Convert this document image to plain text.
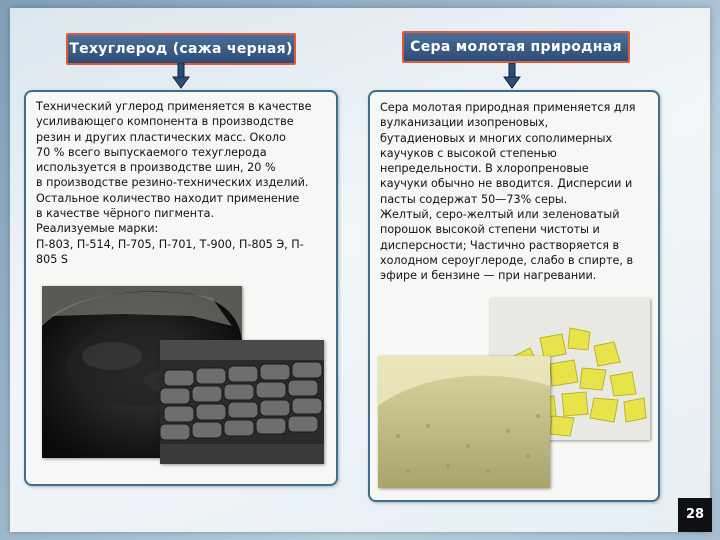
Техуглерод (сажа черная)
Технический углерод применяется в качестве
усиливающего компонента в производстве
резин и других пластических масс. Около
70 % всего выпускаемого техуглерода
используется в производстве шин, 20 %
в производстве резино-технических изделий.
Остальное количество находит применение
в качестве чёрного пигмента.
Реализуемые марки:
П-803, П-514, П-705, П-701, Т-900, П-805 Э, П-
805 S
Сера молотая природная
Сера молотая природная применяется для
вулканизации изопреновых,
бутадиеновых и многих сополимерных
каучуков с высокой степенью
непредельности. В хлоропреновые
каучуки обычно не вводится. Дисперсии и
пасты содержат 50—73% серы.
Желтый, серо-желтый или зеленоватый
порошок высокой степени чистоты и
дисперсности; Частично растворяется в
холодном сероуглероде, слабо в спирте, в
эфире и бензине — при нагревании.
28
